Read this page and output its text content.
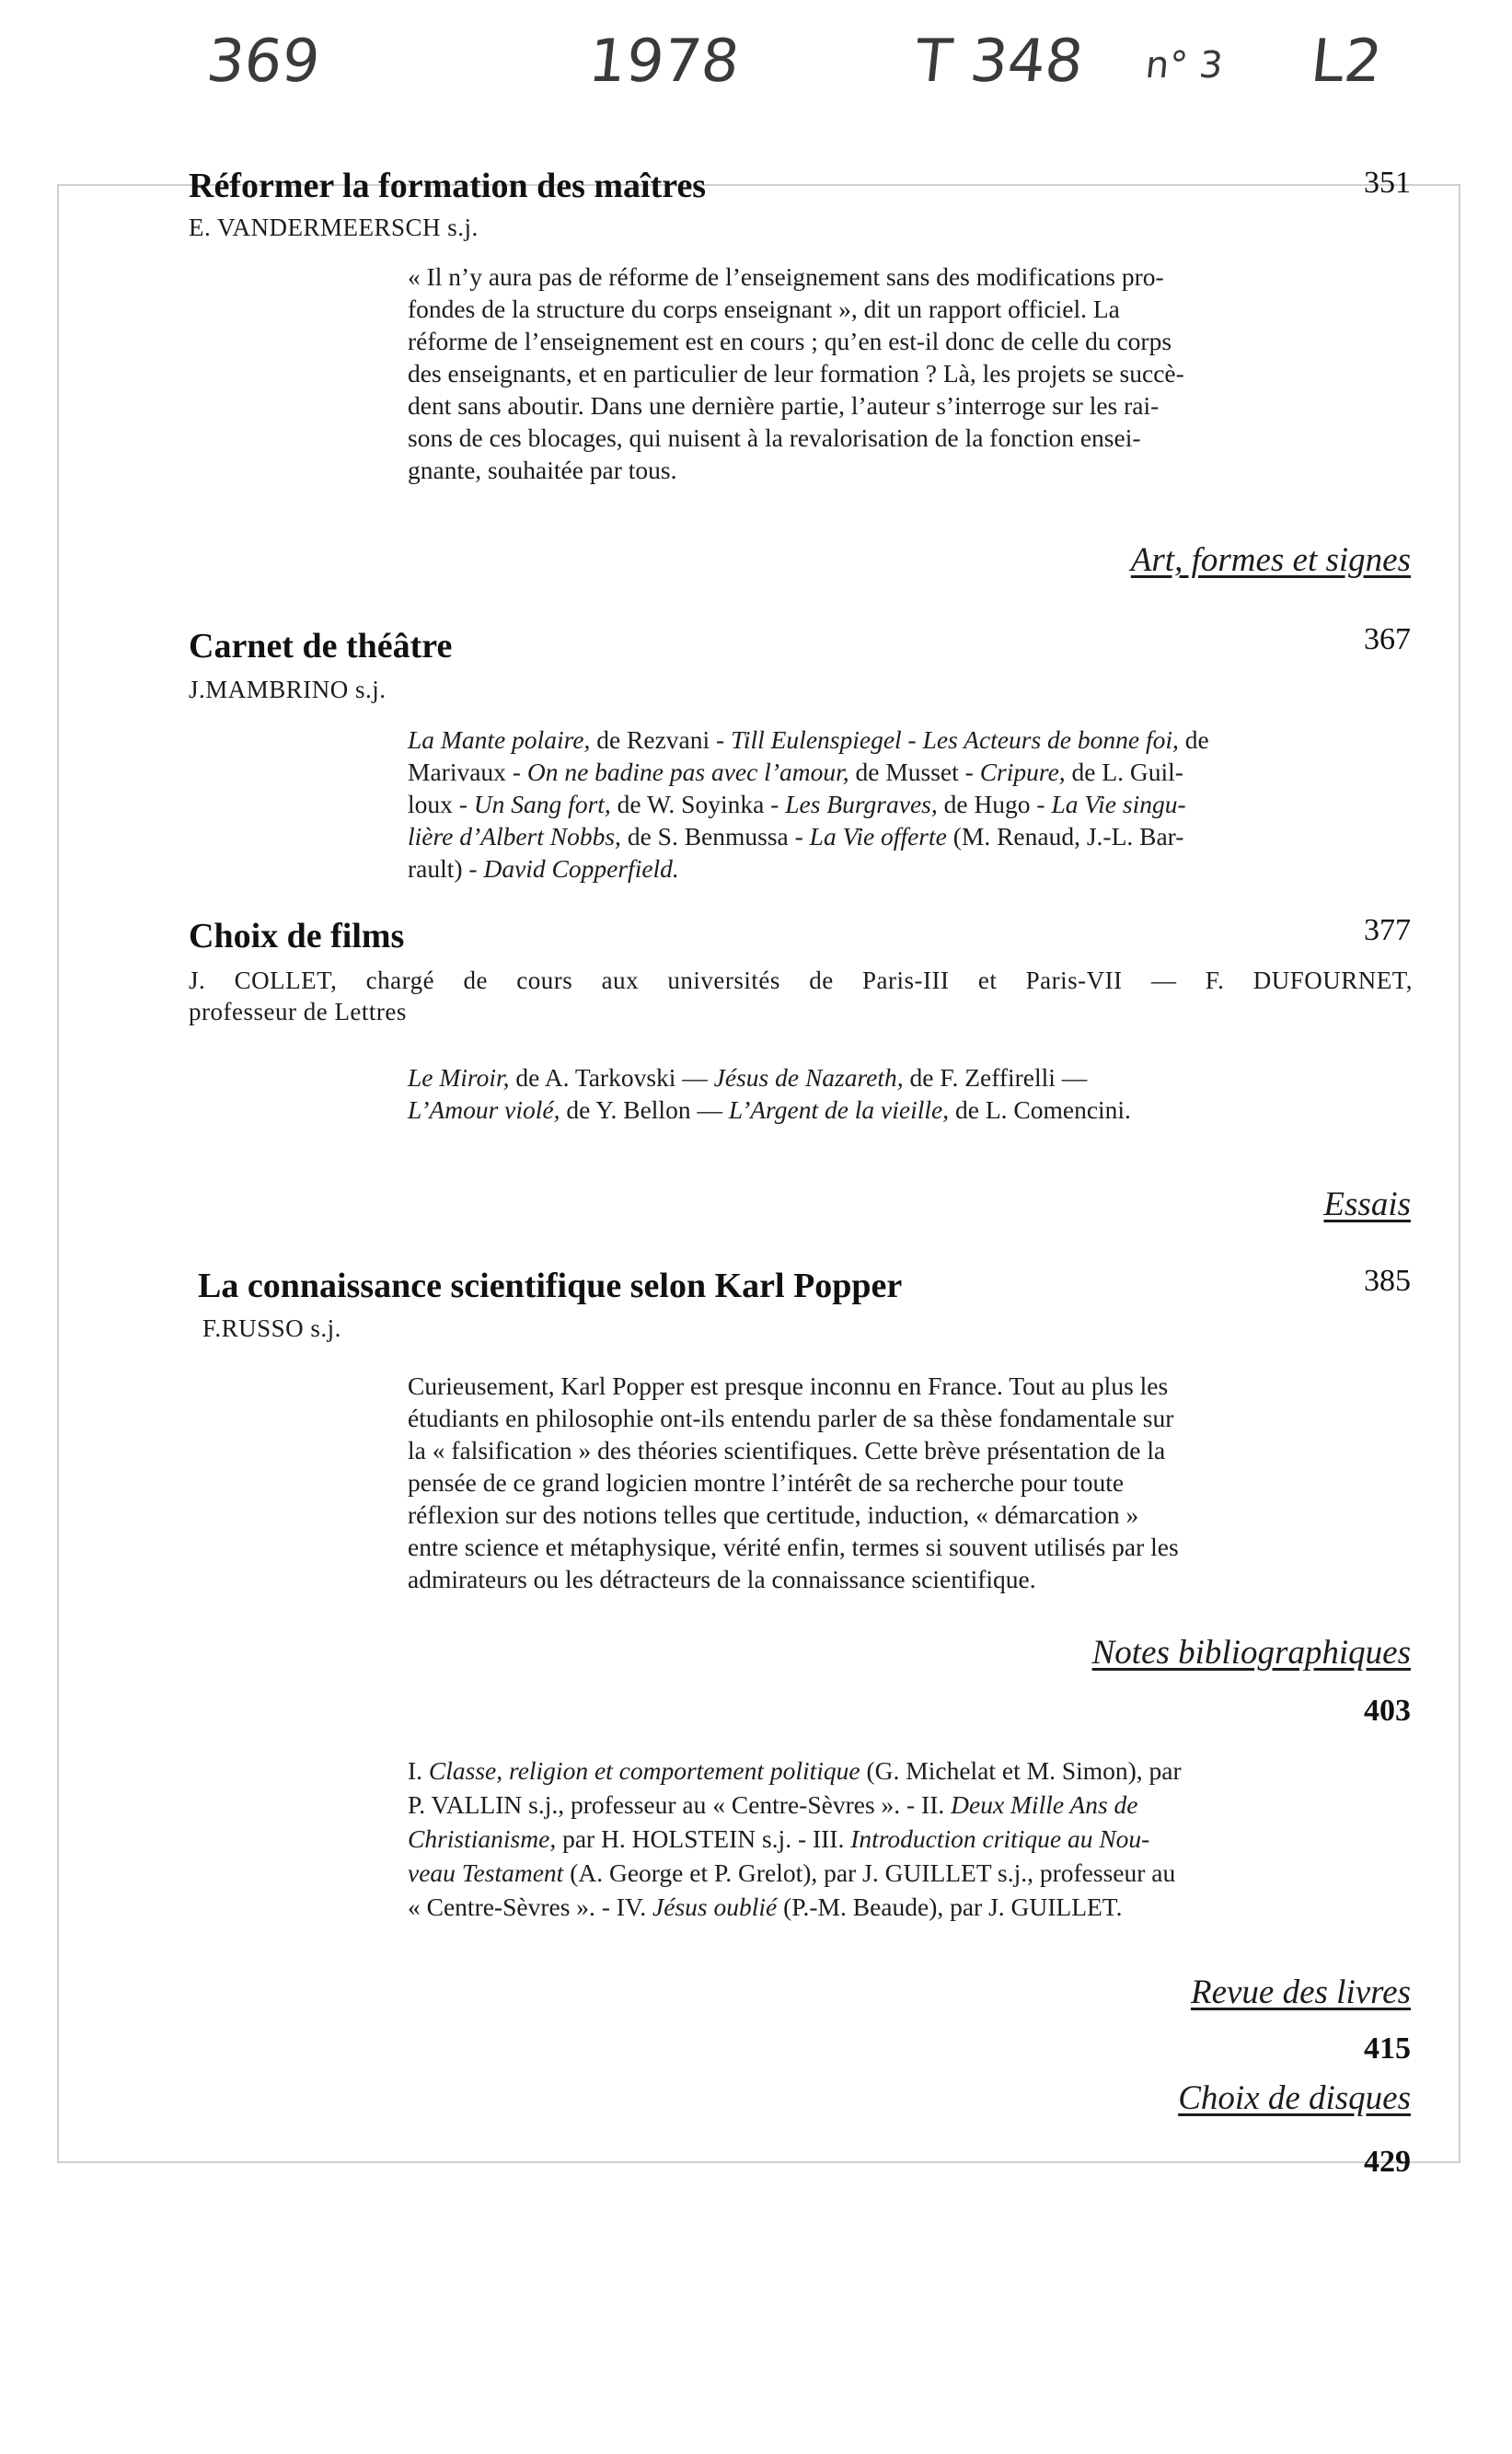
369	1978	T 348 n° 3 L2
Réformer la formation des maîtres	351
E. VANDERMEERSCH s.j.
« Il n’y aura pas de réforme de l’enseignement sans des modifications pro-
fondes de la structure du corps enseignant », dit un rapport officiel. La
réforme de l’enseignement est en cours ; qu’en est-il donc de celle du corps
des enseignants, et en particulier de leur formation ? Là, les projets se succè-
dent sans aboutir. Dans une dernière partie, l’auteur s’interroge sur les rai-
sons de ces blocages, qui nuisent à la revalorisation de la fonction ensei-
gnante, souhaitée par tous.
Art, formes et signes
Carnet de théâtre	367
J.MAMBRINO s.j.
La Mante polaire, de Rezvani - Till Eulenspiegel - Les Acteurs de bonne foi, de
Marivaux - On ne badine pas avec l’amour, de Musset - Cripure, de L. Guil-
loux - Un Sang fort, de W. Soyinka - Les Burgraves, de Hugo - La Vie singu-
lière d’Albert Nobbs, de S. Benmussa - La Vie offerte (M. Renaud, J.-L. Bar-
rault) - David Copperfield.
Choix de films	377
J. COLLET, chargé de cours aux universités de Paris-III et Paris-VII — F. DUFOURNET,
professeur de Lettres
Le Miroir, de A. Tarkovski — Jésus de Nazareth, de F. Zeffirelli —
L’Amour violé, de Y. Bellon — L’Argent de la vieille, de L. Comencini.
Essais
La connaissance scientifique selon Karl Popper	385
F.RUSSO s.j.
Curieusement, Karl Popper est presque inconnu en France. Tout au plus les
étudiants en philosophie ont-ils entendu parler de sa thèse fondamentale sur
la « falsification » des théories scientifiques. Cette brève présentation de la
pensée de ce grand logicien montre l’intérêt de sa recherche pour toute
réflexion sur des notions telles que certitude, induction, « démarcation »
entre science et métaphysique, vérité enfin, termes si souvent utilisés par les
admirateurs ou les détracteurs de la connaissance scientifique.
Notes bibliographiques
403
I. Classe, religion et comportement politique (G. Michelat et M. Simon), par
P. VALLIN s.j., professeur au « Centre-Sèvres ». - II. Deux Mille Ans de
Christianisme, par H. HOLSTEIN s.j. - III. Introduction critique au Nou-
veau Testament (A. George et P. Grelot), par J. GUILLET s.j., professeur au
« Centre-Sèvres ». - IV. Jésus oublié (P.-M. Beaude), par J. GUILLET.
Revue des livres
415
Choix de disques
429
